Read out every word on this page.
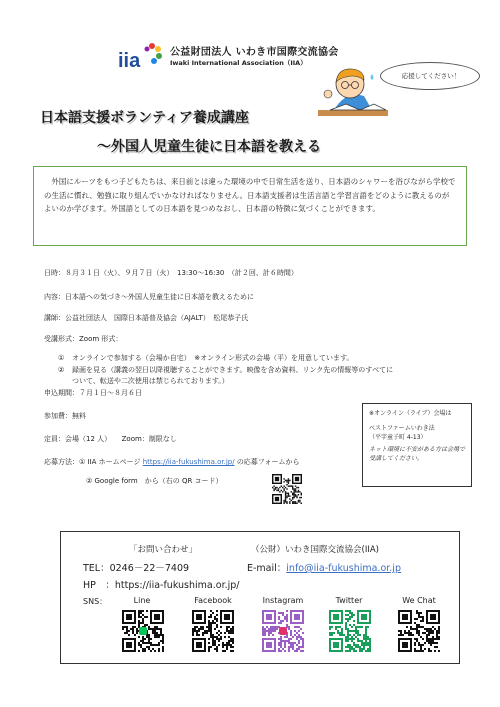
iia	公益財団法人 いわき市国際交流協会
Iwaki International Association（IIA）
応援してください！
日本語支援ボランティア養成講座
～外国人児童生徒に日本語を教える

外国にルーツをもつ子どもたちは、来日前とは違った環境の中で日常生活を送り、日本語のシャワーを浴びながら学校での生活に慣れ、勉強に取り組んでいかなければなりません。日本語支援者は生活言語と学習言語をどのように教えるのがよいのか学びます。外国語としての日本語を見つめなおし、日本語の特徴に気づくことができます。

日時：８月３１日（火）、９月７日（火）　13:30～16:30　（計２回、計６時間）
内容：日本語への気づき～外国人児童生徒に日本語を教えるために
講師：公益社団法人　国際日本語普及協会（AJALT）　松尾恭子氏
受講形式：Zoom 形式：
① オンラインで参加する（会場か自宅）　※オンライン形式の会場（平）を用意しています。
② 録画を見る（講義の翌日以降視聴することができます。映像を含め資料、リンク先の情報等のすべてに
ついて、転送や二次使用は禁じられております。）
申込期間：７月１日～８月６日
参加費：無料
定員：会場（12 人）　　Zoom：制限なし
応募方法：① IIA ホームページ https://iia-fukushima.or.jp/ の応募フォームから
② Google form　から（右の QR コード）

※オンライン（ライブ）会場は

ベストファームいわき法

（平字童子町 4-13）

ネット環境に不安がある方は会場で受講してください。

「お問い合わせ」	（公財）いわき国際交流協会(IIA)
TEL：0246－22－7409	E-mail：info@iia-fukushima.or.jp
HP　：https://iia-fukushima.or.jp/
SNS：	Line	Facebook	Instagram	Twitter	We Chat
